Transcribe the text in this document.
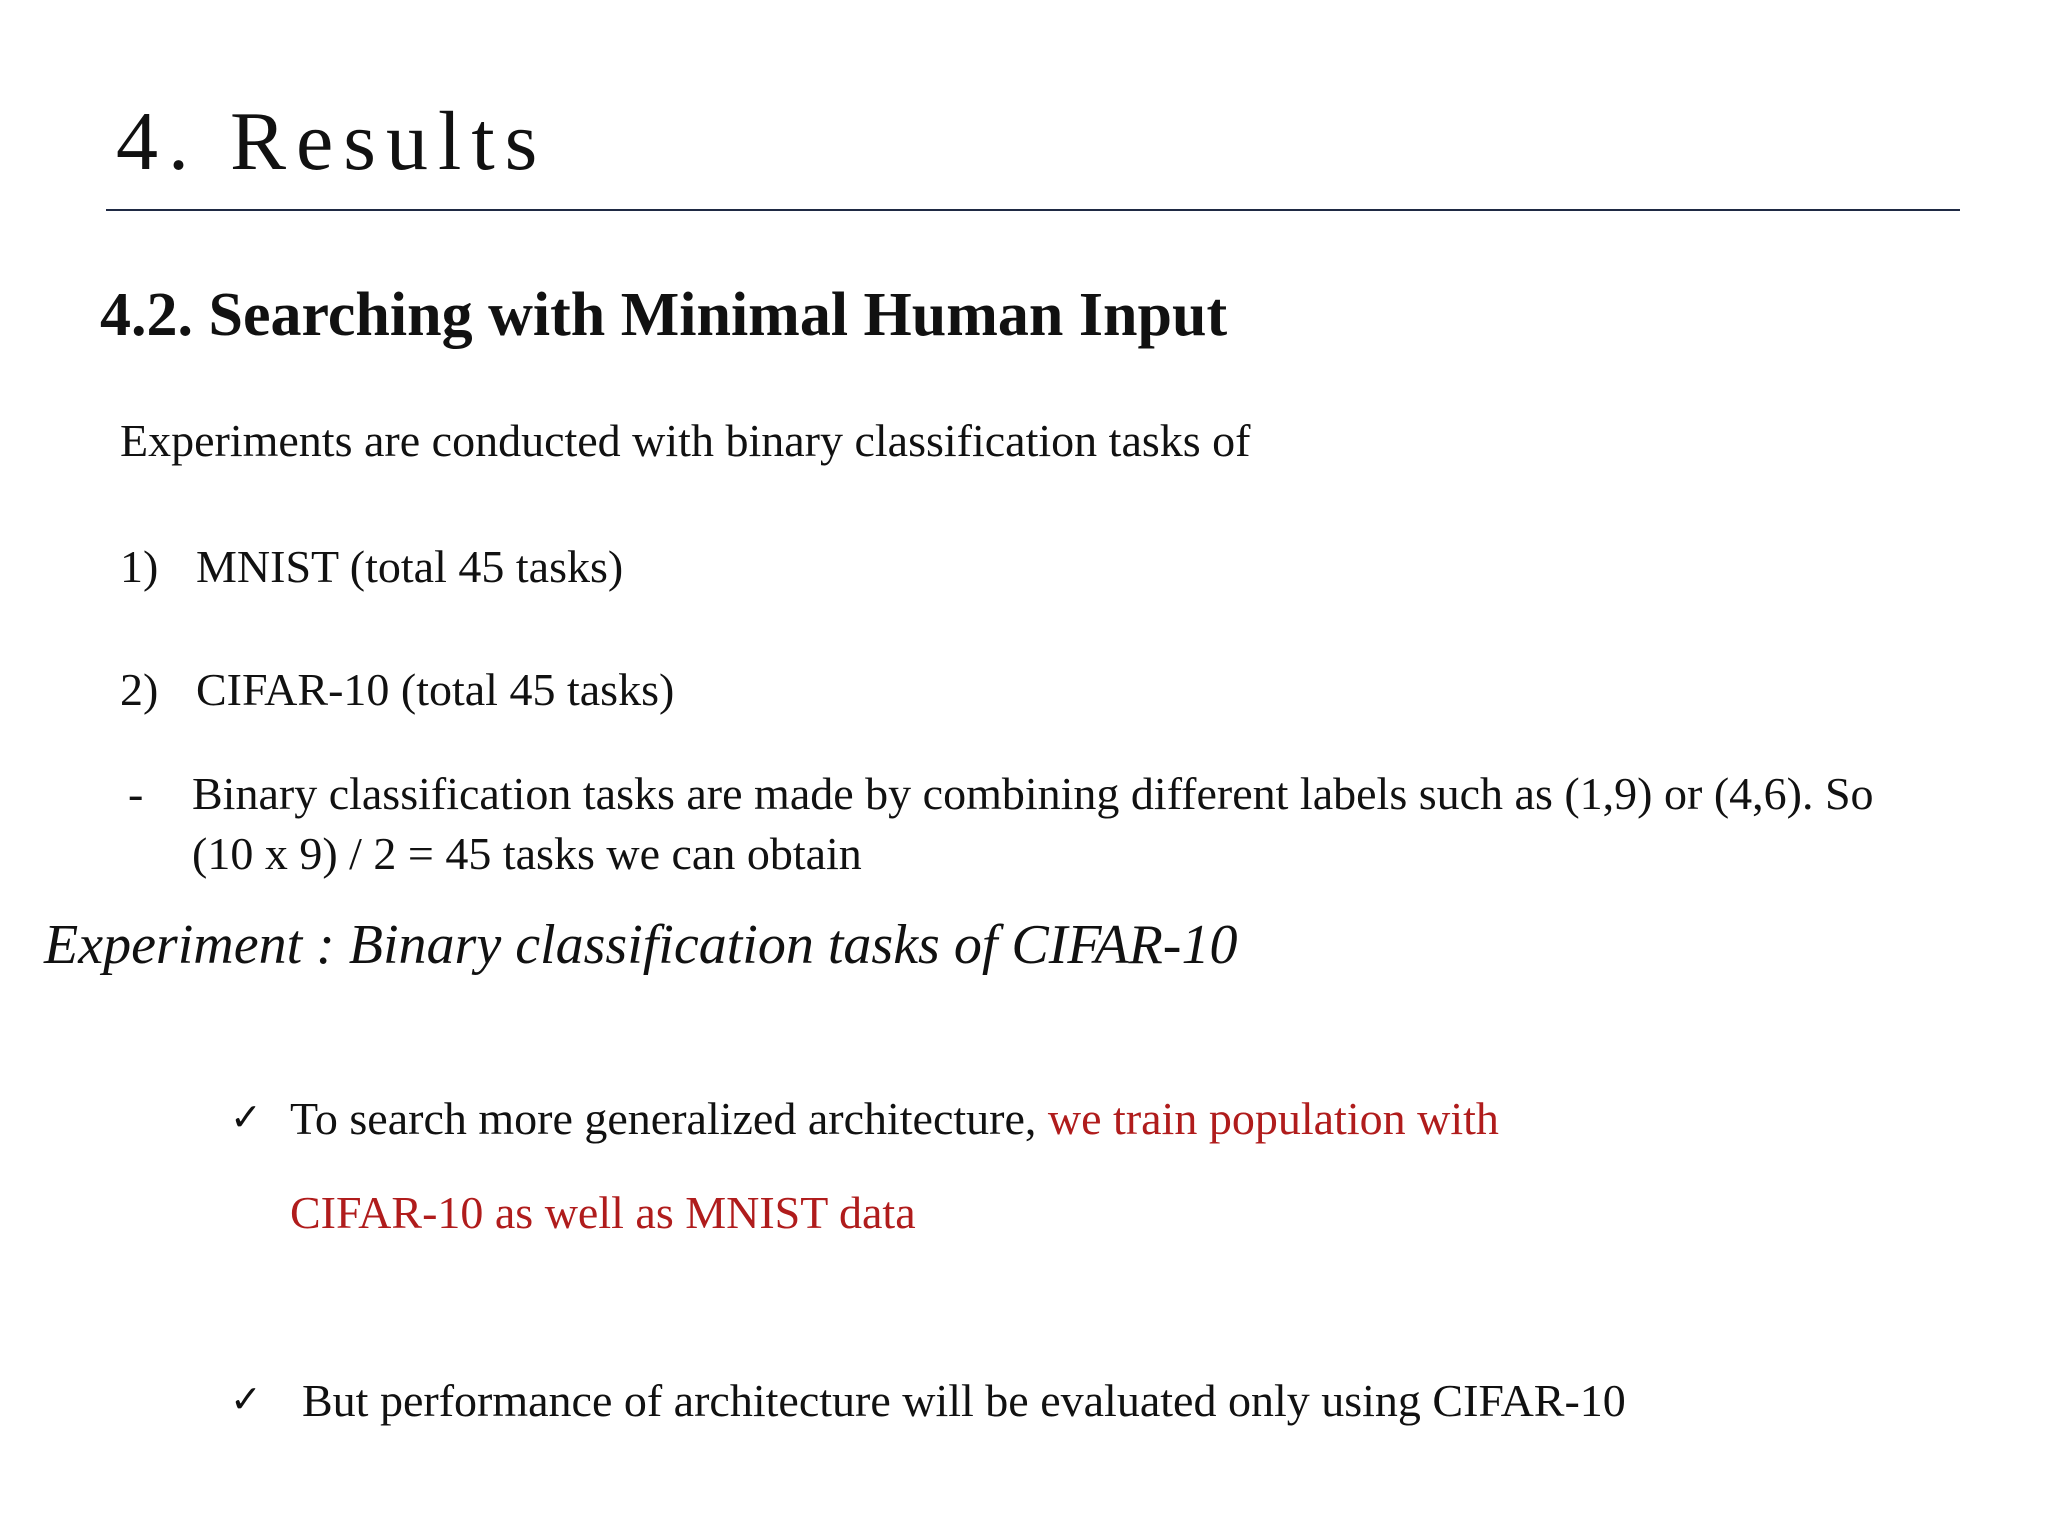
4. Results
4.2. Searching with Minimal Human Input
Experiments are conducted with binary classification tasks of
1) MNIST (total 45 tasks)
2) CIFAR-10 (total 45 tasks)
- Binary classification tasks are made by combining different labels such as (1,9) or (4,6). So (10 x 9) / 2 = 45 tasks we can obtain
Experiment : Binary classification tasks of CIFAR-10
✓ To search more generalized architecture, we train population with
CIFAR-10 as well as MNIST data
✓ But performance of architecture will be evaluated only using CIFAR-10
